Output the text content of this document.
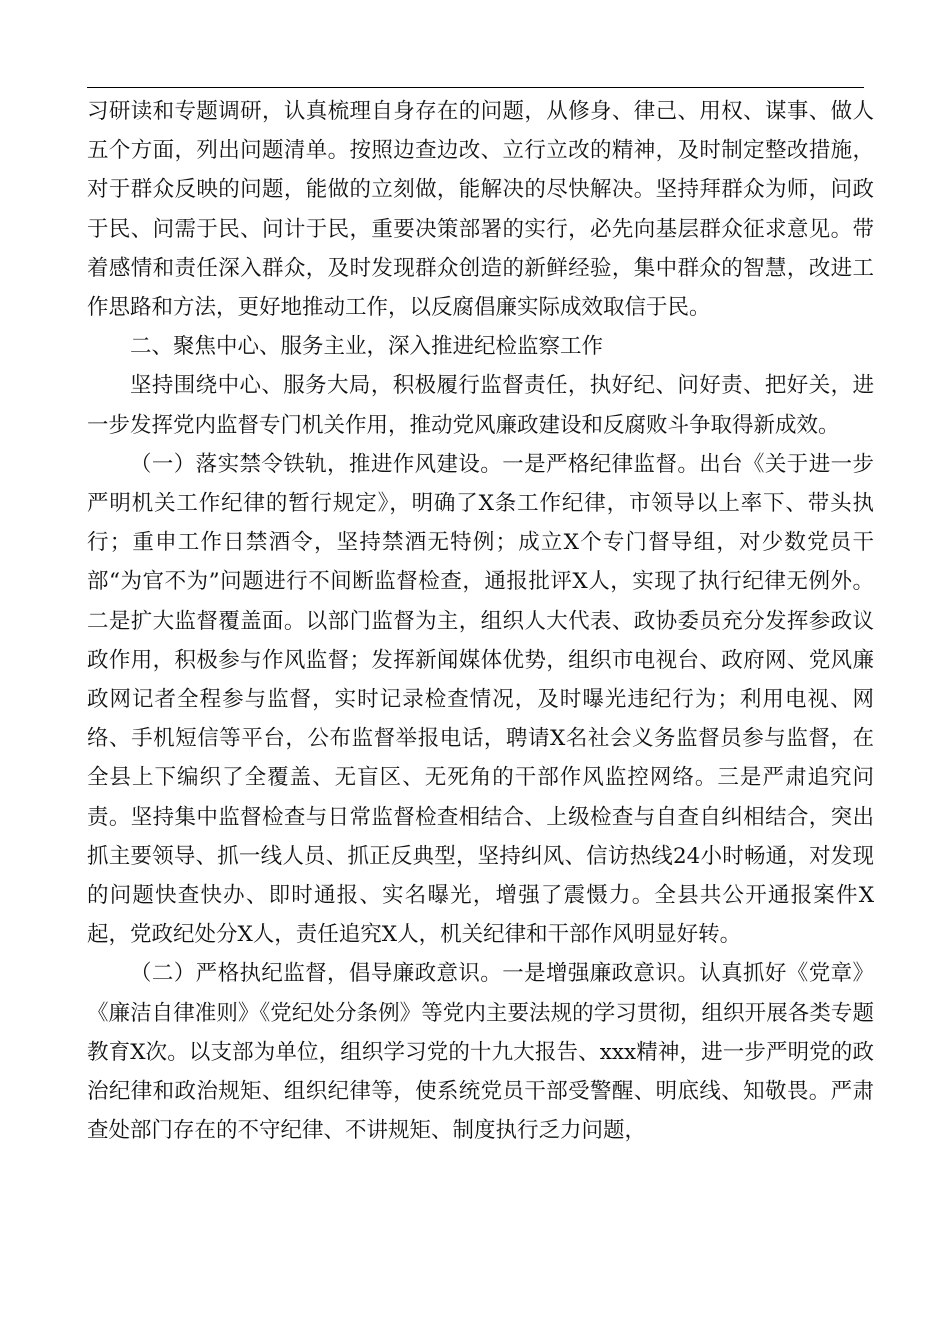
习研读和专题调研，认真梳理自身存在的问题，从修身、律己、用权、谋事、做人五个方面，列出问题清单。按照边查边改、立行立改的精神，及时制定整改措施，对于群众反映的问题，能做的立刻做，能解决的尽快解决。坚持拜群众为师，问政于民、问需于民、问计于民，重要决策部署的实行，必先向基层群众征求意见。带着感情和责任深入群众，及时发现群众创造的新鲜经验，集中群众的智慧，改进工作思路和方法，更好地推动工作，以反腐倡廉实际成效取信于民。

二、聚焦中心、服务主业，深入推进纪检监察工作

坚持围绕中心、服务大局，积极履行监督责任，执好纪、问好责、把好关，进一步发挥党内监督专门机关作用，推动党风廉政建设和反腐败斗争取得新成效。

（一）落实禁令铁轨，推进作风建设。一是严格纪律监督。出台《关于进一步严明机关工作纪律的暂行规定》，明确了X条工作纪律，市领导以上率下、带头执行；重申工作日禁酒令，坚持禁酒无特例；成立X个专门督导组，对少数党员干部“为官不为”问题进行不间断监督检查，通报批评X人，实现了执行纪律无例外。二是扩大监督覆盖面。以部门监督为主，组织人大代表、政协委员充分发挥参政议政作用，积极参与作风监督；发挥新闻媒体优势，组织市电视台、政府网、党风廉政网记者全程参与监督，实时记录检查情况，及时曝光违纪行为；利用电视、网络、手机短信等平台，公布监督举报电话，聘请X名社会义务监督员参与监督，在全县上下编织了全覆盖、无盲区、无死角的干部作风监控网络。三是严肃追究问责。坚持集中监督检查与日常监督检查相结合、上级检查与自查自纠相结合，突出抓主要领导、抓一线人员、抓正反典型，坚持纠风、信访热线24小时畅通，对发现的问题快查快办、即时通报、实名曝光，增强了震慑力。全县共公开通报案件X起，党政纪处分X人，责任追究X人，机关纪律和干部作风明显好转。

（二）严格执纪监督，倡导廉政意识。一是增强廉政意识。认真抓好《党章》《廉洁自律准则》《党纪处分条例》等党内主要法规的学习贯彻，组织开展各类专题教育X次。以支部为单位，组织学习党的十九大报告、xxx精神，进一步严明党的政治纪律和政治规矩、组织纪律等，使系统党员干部受警醒、明底线、知敬畏。严肃查处部门存在的不守纪律、不讲规矩、制度执行乏力问题，
